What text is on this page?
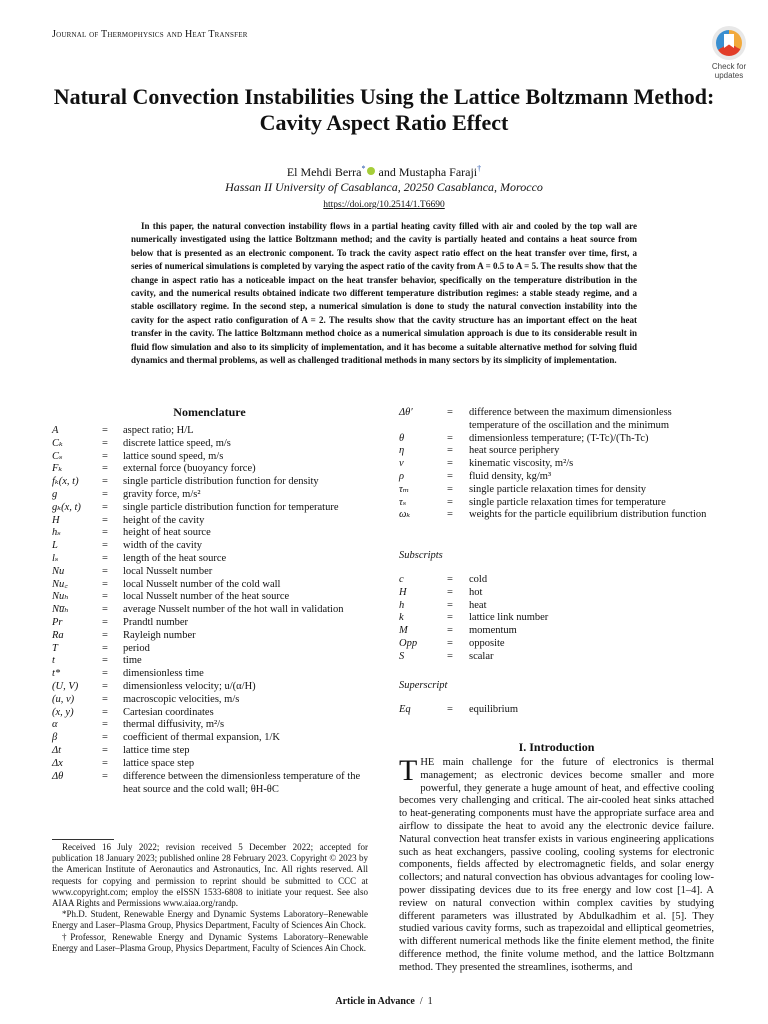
Journal of Thermophysics and Heat Transfer
Check for
updates
Natural Convection Instabilities Using the Lattice Boltzmann Method: Cavity Aspect Ratio Effect
El Mehdi Berra* and Mustapha Faraji†
Hassan II University of Casablanca, 20250 Casablanca, Morocco
https://doi.org/10.2514/1.T6690

In this paper, the natural convection instability flows in a partial heating cavity filled with air and cooled by the top wall are numerically investigated using the lattice Boltzmann method; and the cavity is partially heated and contains a heat source from below that is presented as an electronic component. To track the cavity aspect ratio effect on the heat transfer over time, first, a series of numerical simulations is completed by varying the aspect ratio of the cavity from A = 0.5 to A = 5. The results show that the change in aspect ratio has a noticeable impact on the heat transfer behavior, specifically on the temperature distribution in the cavity, and the numerical results obtained indicate two different temperature distribution regimes: a stable steady regime, and a stable oscillatory regime. In the second step, a numerical simulation is done to study the natural convection instability into the cavity for the aspect ratio configuration of A = 2. The results show that the cavity structure has an important effect on the heat transfer in the cavity. The lattice Boltzmann method choice as a numerical simulation approach is due to its considerable result in fluid flow simulation and also to its simplicity of implementation, and it has become a suitable alternative method for solving fluid dynamics and thermal problems, as well as challenged traditional methods in many sectors by its simplicity of implementation.

Nomenclature
A	= aspect ratio; H/L
Cₖ	= discrete lattice speed, m/s
Cₛ	= lattice sound speed, m/s
Fₖ	= external force (buoyancy force)
fₖ(x, t) = single particle distribution function for density
g	= gravity force, m/s²
gₖ(x, t) = single particle distribution function for temperature
H	= height of the cavity
hₛ	= height of heat source
L	= width of the cavity
lₛ	= length of the heat source
Nu	= local Nusselt number
Nu꜀	= local Nusselt number of the cold wall
Nuₕ	= local Nusselt number of the heat source
Nu̅ₕ	= average Nusselt number of the hot wall in validation
Pr	= Prandtl number
Ra	= Rayleigh number
T	= period
t	= time
t*	= dimensionless time
(U, V) = dimensionless velocity; u/(α/H)
(u, v)	= macroscopic velocities, m/s
(x, y)	= Cartesian coordinates
α	= thermal diffusivity, m²/s
β	= coefficient of thermal expansion, 1/K
Δt	= lattice time step
Δx	= lattice space step
Δθ	= difference between the dimensionless temperature of the heat source and the cold wall; θH-θC
Δθ′	= difference between the maximum dimensionless temperature of the oscillation and the minimum
θ	= dimensionless temperature; (T-Tc)/(Th-Tc)
η	= heat source periphery
ν	= kinematic viscosity, m²/s
ρ	= fluid density, kg/m³
τₘ	= single particle relaxation times for density
τₛ	= single particle relaxation times for temperature
ωₖ	= weights for the particle equilibrium distribution function
Subscripts
c	= cold
H	= hot
h	= heat
k	= lattice link number
M	= momentum
Opp	= opposite
S	= scalar
Superscript
Eq	= equilibrium
I. Introduction

THE main challenge for the future of electronics is thermal management; as electronic devices become smaller and more powerful, they generate a huge amount of heat, and effective cooling becomes very challenging and critical. The air-cooled heat sinks attached to heat-generating components must have the appropriate surface area and airflow to dissipate the heat to avoid any the electronic device failure. Natural convection heat transfer exists in various engineering applications such as heat exchangers, passive cooling, cooling systems for electronic components, fields affected by electromagnetic fields, and solar energy collectors; and natural convection has obvious advantages for cooling low-power dissipating devices due to its free energy and low cost [1–4]. A review on natural convection within complex cavities by studying different parameters was illustrated by Abdulkadhim et al. [5]. They studied various cavity forms, such as trapezoidal and elliptical geometries, with different numerical methods like the finite element method, the finite difference method, the finite volume method, and the lattice Boltzmann method. They presented the streamlines, isotherms, and

Received 16 July 2022; revision received 5 December 2022; accepted for publication 18 January 2023; published online 28 February 2023. Copyright © 2023 by the American Institute of Aeronautics and Astronautics, Inc. All rights reserved. All requests for copying and permission to reprint should be submitted to CCC at www.copyright.com; employ the eISSN 1533-6808 to initiate your request. See also AIAA Rights and Permissions www.aiaa.org/randp.

*Ph.D. Student, Renewable Energy and Dynamic Systems Laboratory–Renewable Energy and Laser–Plasma Group, Physics Department, Faculty of Sciences Ain Chock.

†Professor, Renewable Energy and Dynamic Systems Laboratory–Renewable Energy and Laser–Plasma Group, Physics Department, Faculty of Sciences Ain Chock.

Article in Advance / 1
